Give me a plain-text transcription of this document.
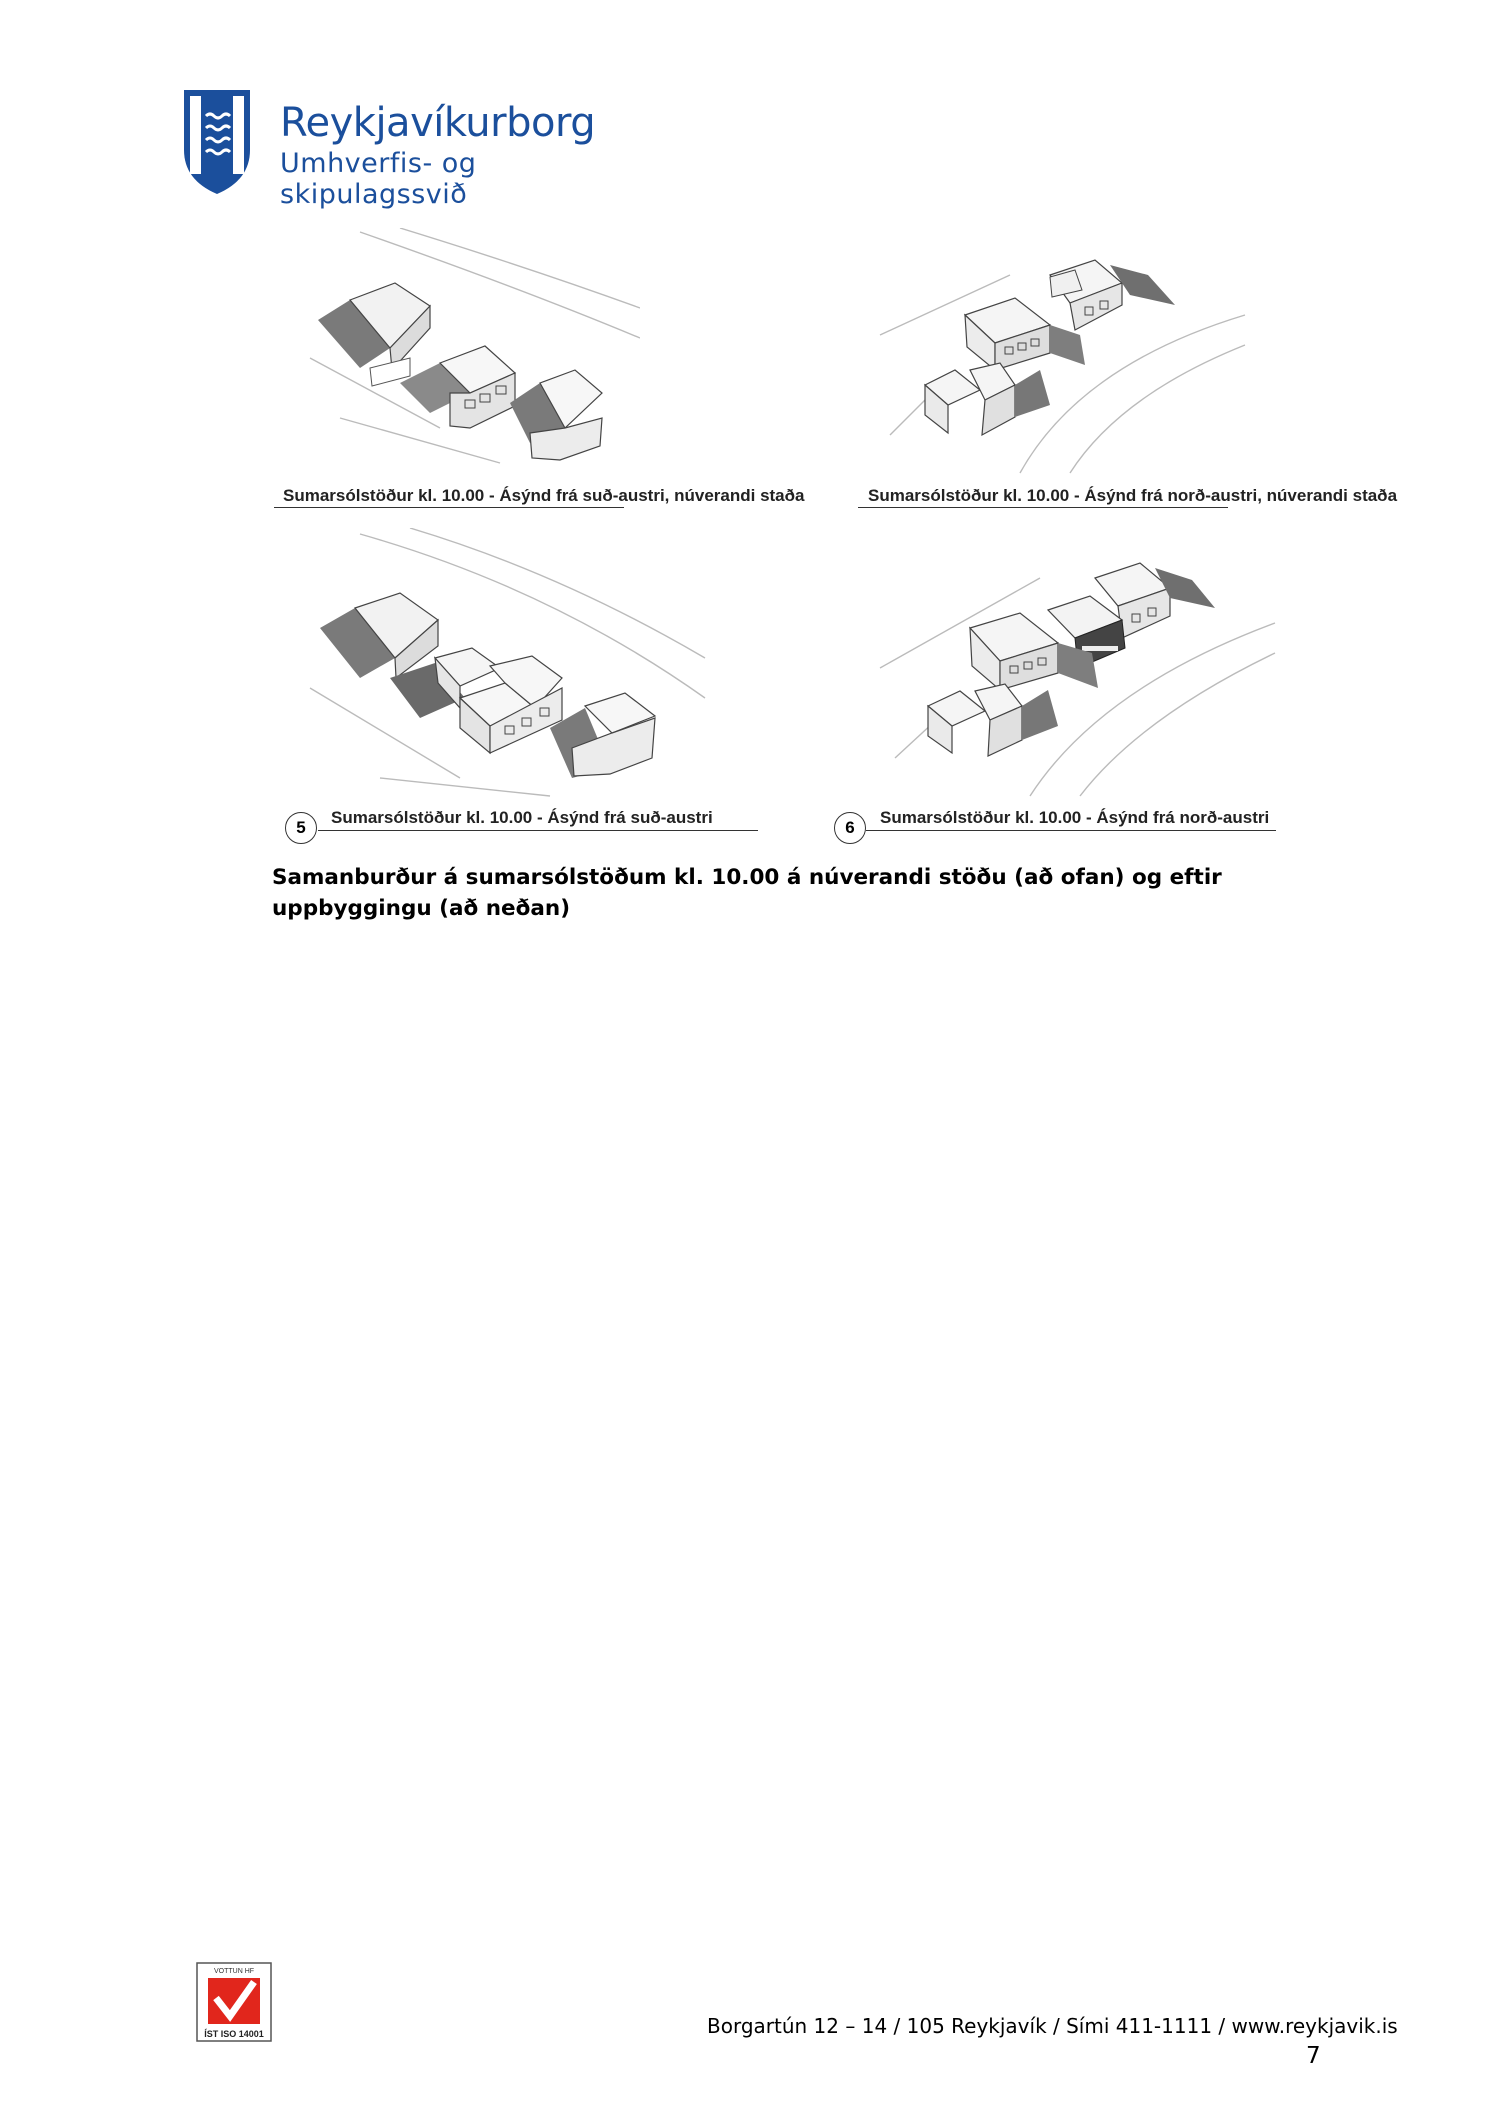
Reykjavíkurborg
Umhverfis- og skipulagssvið
Sumarsólstöður kl. 10.00 - Ásýnd frá suð-austri, núverandi staða	Sumarsólstöður kl. 10.00 - Ásýnd frá norð-austri, núverandi staða
5
Sumarsólstöður kl. 10.00 - Ásýnd frá suð-austri
6
Sumarsólstöður kl. 10.00 - Ásýnd frá norð-austri
Samanburður á sumarsólstöðum kl. 10.00 á núverandi stöðu (að ofan) og eftir uppbyggingu (að neðan)
VOTTUN HF
ÍST ISO 14001	Borgartún 12 – 14 / 105 Reykjavík / Sími 411-1111 / www.reykjavik.is
7
